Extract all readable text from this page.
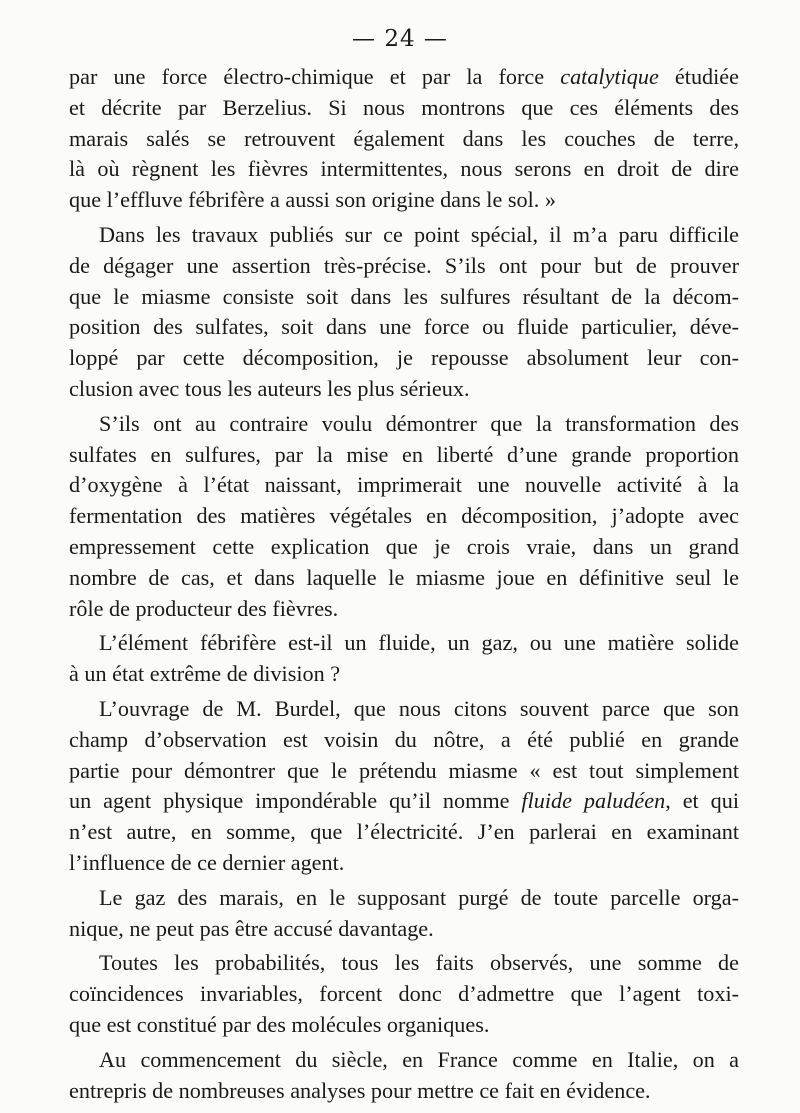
— 24 —
par une force électro-chimique et par la force catalytique étudiée
et décrite par Berzelius. Si nous montrons que ces éléments des
marais salés se retrouvent également dans les couches de terre,
là où règnent les fièvres intermittentes, nous serons en droit de dire
que l’effluve fébrifère a aussi son origine dans le sol. »
Dans les travaux publiés sur ce point spécial, il m’a paru difficile
de dégager une assertion très-précise. S’ils ont pour but de prouver
que le miasme consiste soit dans les sulfures résultant de la décom-
position des sulfates, soit dans une force ou fluide particulier, déve-
loppé par cette décomposition, je repousse absolument leur con-
clusion avec tous les auteurs les plus sérieux.
S’ils ont au contraire voulu démontrer que la transformation des
sulfates en sulfures, par la mise en liberté d’une grande proportion
d’oxygène à l’état naissant, imprimerait une nouvelle activité à la
fermentation des matières végétales en décomposition, j’adopte avec
empressement cette explication que je crois vraie, dans un grand
nombre de cas, et dans laquelle le miasme joue en définitive seul le
rôle de producteur des fièvres.
L’élément fébrifère est-il un fluide, un gaz, ou une matière solide
à un état extrême de division ?
L’ouvrage de M. Burdel, que nous citons souvent parce que son
champ d’observation est voisin du nôtre, a été publié en grande
partie pour démontrer que le prétendu miasme « est tout simplement
un agent physique impondérable qu’il nomme fluide paludéen, et qui
n’est autre, en somme, que l’électricité. J’en parlerai en examinant
l’influence de ce dernier agent.
Le gaz des marais, en le supposant purgé de toute parcelle orga-
nique, ne peut pas être accusé davantage.
Toutes les probabilités, tous les faits observés, une somme de
coïncidences invariables, forcent donc d’admettre que l’agent toxi-
que est constitué par des molécules organiques.
Au commencement du siècle, en France comme en Italie, on a
entrepris de nombreuses analyses pour mettre ce fait en évidence.
